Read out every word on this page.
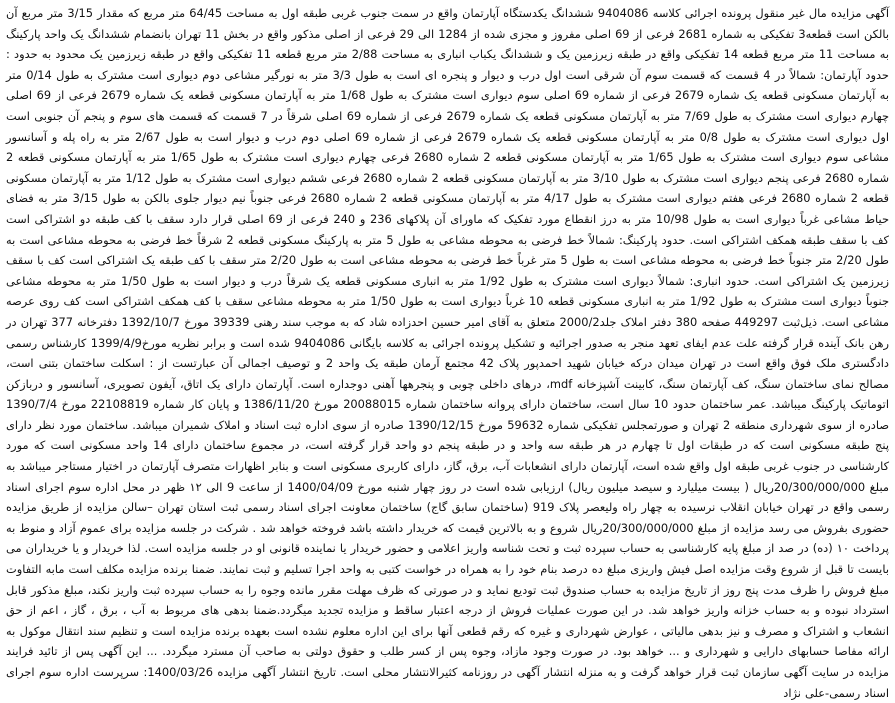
آگهی مزایده مال غیر منقول پرونده اجرائی کلاسه 9404086 ششدانگ یکدستگاه آپارتمان واقع در سمت جنوب غربی طبقه اول به مساحت 64/45 متر مربع که مقدار 3/15 متر مربع آن بالکن است قطعه3 تفکیکی به شماره 2681 فرعی از 69 اصلی مفروز و مجزی شده از 1284 الی 29 فرعی از اصلی مذکور واقع در بخش 11 تهران بانضمام ششدانگ یک واحد پارکینگ به مساحت 11 متر مربع قطعه 14 تفکیکی واقع در طبقه زیرزمین یک و ششدانگ یکباب انباری به مساحت 2/88 متر مربع قطعه 11 تفکیکی واقع در طبقه زیرزمین یک محدود به حدود : حدود آپارتمان: شمالاً در 4 قسمت که قسمت سوم آن شرقی است اول درب و دیوار و پنجره ای است به طول 3/3 متر به نورگیر مشاعی دوم دیواری است مشترک به طول 0/14 متر به آپارتمان مسکونی قطعه یک شماره 2679 فرعی از شماره 69 اصلی سوم دیواری است مشترک به طول 1/68 متر به آپارتمان مسکونی قطعه یک شماره 2679 فرعی از 69 اصلی چهارم دیواری است مشترک به طول 7/69 متر به آپارتمان مسکونی قطعه یک شماره 2679 فرعی از شماره 69 اصلی شرقاً در 7 قسمت که قسمت های سوم و پنجم آن جنوبی است اول دیواری است مشترک به طول 0/8 متر به آپارتمان مسکونی قطعه یک شماره 2679 فرعی از شماره 69 اصلی دوم درب و دیوار است به طول 2/67 متر به راه پله و آسانسور مشاعی سوم دیواری است مشترک به طول 1/65 متر به آپارتمان مسکونی قطعه 2 شماره 2680 فرعی چهارم دیواری است مشترک به طول 1/65 متر به آپارتمان مسکونی قطعه 2 شماره 2680 فرعی پنجم دیواری است مشترک به طول 3/10 متر به آپارتمان مسکونی قطعه 2 شماره 2680 فرعی ششم دیواری است مشترک به طول 1/12 متر به آپارتمان مسکونی قطعه 2 شماره 2680 فرعی هفتم دیواری است مشترک به طول 4/17 متر به آپارتمان مسکونی قطعه 2 شماره 2680 فرعی جنوباً نیم دیوار جلوی بالکن به طول 3/15 متر به فضای حیاط مشاعی غرباً دیواری است به طول 10/98 متر به درز انقطاع مورد تفکیک که ماورای آن پلاکهای 236 و 240 فرعی از 69 اصلی قرار دارد سقف با کف طبقه دو اشتراکی است کف با سقف طبقه همکف اشتراکی است. حدود پارکینگ: شمالاً خط فرضی به محوطه مشاعی به طول 5 متر به پارکینگ مسکونی قطعه 2 شرقاً خط فرضی به محوطه مشاعی است به طول 2/20 متر جنوباً خط فرضی به محوطه مشاعی است به طول 5 متر غرباً خط فرضی به محوطه مشاعی است به طول 2/20 متر سقف با کف طبقه یک اشتراکی است کف با سقف زیرزمین یک اشتراکی است. حدود انباری: شمالاً دیواری است مشترک به طول 1/92 متر به انباری مسکونی قطعه یک شرقاً درب و دیوار است به طول 1/50 متر به محوطه مشاعی جنوباً دیواری است مشترک به طول 1/92 متر به انباری مسکونی قطعه 10 غرباً دیواری است به طول 1/50 متر به محوطه مشاعی سقف با کف همکف اشتراکی است کف روی عرصه مشاعی است. ذیل‌ثبت 449297 صفحه 380 دفتر املاک جلد2000/2 متعلق به آقای امیر حسین احدزاده شاد که به موجب سند رهنی 39339 مورخ 1392/10/7 دفترخانه 377 تهران در رهن بانک آینده قرار گرفته علت عدم ایفای تعهد منجر به صدور اجرائیه و تشکیل پرونده اجرائی به کلاسه بایگانی 9404086 شده است و برابر نظریه مورخ1399/4/9 کارشناس رسمی دادگستری ملک فوق واقع است در تهران میدان درکه خیابان شهید احمدپور پلاک 42 مجتمع آرمان طبقه یک واحد 2 و توصیف اجمالی آن عبارتست از : اسکلت ساختمان بتنی است، مصالح نمای ساختمان سنگ، کف آپارتمان سنگ، کابینت آشپزخانه mdf، درهای داخلی چوبی و پنجرهها آهنی دوجداره است. آپارتمان دارای یک اتاق، آیفون تصویری، آسانسور و دربازکن اتوماتیک پارکینگ میباشد. عمر ساختمان حدود 10 سال است، ساختمان دارای پروانه ساختمان شماره 20088015 مورخ 1386/11/20 و پایان کار شماره 22108819 مورخ 1390/7/4 صادره از سوی شهرداری منطقه 2 تهران و صورتمجلس تفکیکی شماره 59632 مورخ 1390/12/15 صادره از سوی اداره ثبت اسناد و املاک شمیران میباشد. ساختمان مورد نظر دارای پنج طبقه مسکونی است که در طبقات اول تا چهارم در هر طبقه سه واحد و در طبقه پنجم دو واحد قرار گرفته است، در مجموع ساختمان دارای 14 واحد مسکونی است که مورد کارشناسی در جنوب غربی طبقه اول واقع شده است، آپارتمان دارای انشعابات آب، برق، گاز، دارای کاربری مسکونی است و بنابر اظهارات متصرف آپارتمان در اختیار مستاجر میباشد به مبلغ 20/300/000/000ریال ( بیست میلیارد و سیصد میلیون ریال) ارزیابی شده است در روز چهار شنبه مورخ 1400/04/09 از ساعت 9 الی ۱۲ ظهر در محل اداره سوم اجرای اسناد رسمی واقع در تهران خیابان انقلاب نرسیده به چهار راه ولیعصر پلاک 919 (ساختمان سابق گاج) ساختمان معاونت اجرای اسناد رسمی ثبت استان تهران –سالن مزایده از طریق مزایده حضوری بفروش می رسد مزایده از مبلغ 20/300/000/000ریال شروع و به بالاترین قیمت که خریدار داشته باشد فروخته خواهد شد . شرکت در جلسه مزایده برای عموم آزاد و منوط به پرداخت ۱۰ (ده) در صد از مبلغ پایه کارشناسی به حساب سپرده ثبت و تحت شناسه واریز اعلامی و حضور خریدار یا نماینده قانونی او در جلسه مزایده است. لذا خریدار و یا خریداران می بایست تا قبل از شروع وقت مزایده اصل فیش واریزی مبلغ ده درصد بنام خود را به همراه در خواست کتبی به واحد اجرا تسلیم و ثبت نمایند. ضمنا برنده مزایده مکلف است مابه التفاوت مبلغ فروش را ظرف مدت پنج روز از تاریخ مزایده به حساب صندوق ثبت تودیع نماید و در صورتی که ظرف مهلت مقرر مانده وجوه را به حساب سپرده ثبت واریز نکند، مبلغ مذکور قابل استرداد نبوده و به حساب خزانه واریز خواهد شد. در این صورت عملیات فروش از درجه اعتبار ساقط و مزایده تجدید میگردد.ضمنا بدهی های مربوط به آب ، برق ، گاز ، اعم از حق انشعاب و اشتراک و مصرف و نیز بدهی مالیاتی ، عوارض شهرداری و غیره که رقم قطعی آنها برای این اداره معلوم نشده است بعهده برنده مزایده است و تنظیم سند انتقال موکول به ارائه مفاصا حسابهای دارایی و شهرداری و ... خواهد بود. در صورت وجود مازاد، وجوه پس از کسر طلب و حقوق دولتی به صاحب آن مسترد میگردد. ... این آگهی پس از تائید فرایند مزایده در سایت آگهی سازمان ثبت قرار خواهد گرفت و به منزله انتشار آگهی در روزنامه کثیرالانتشار محلی است. تاریخ انتشار آگهی مزایده 1400/03/26: سرپرست اداره سوم اجرای اسناد رسمی-علی نژاد
